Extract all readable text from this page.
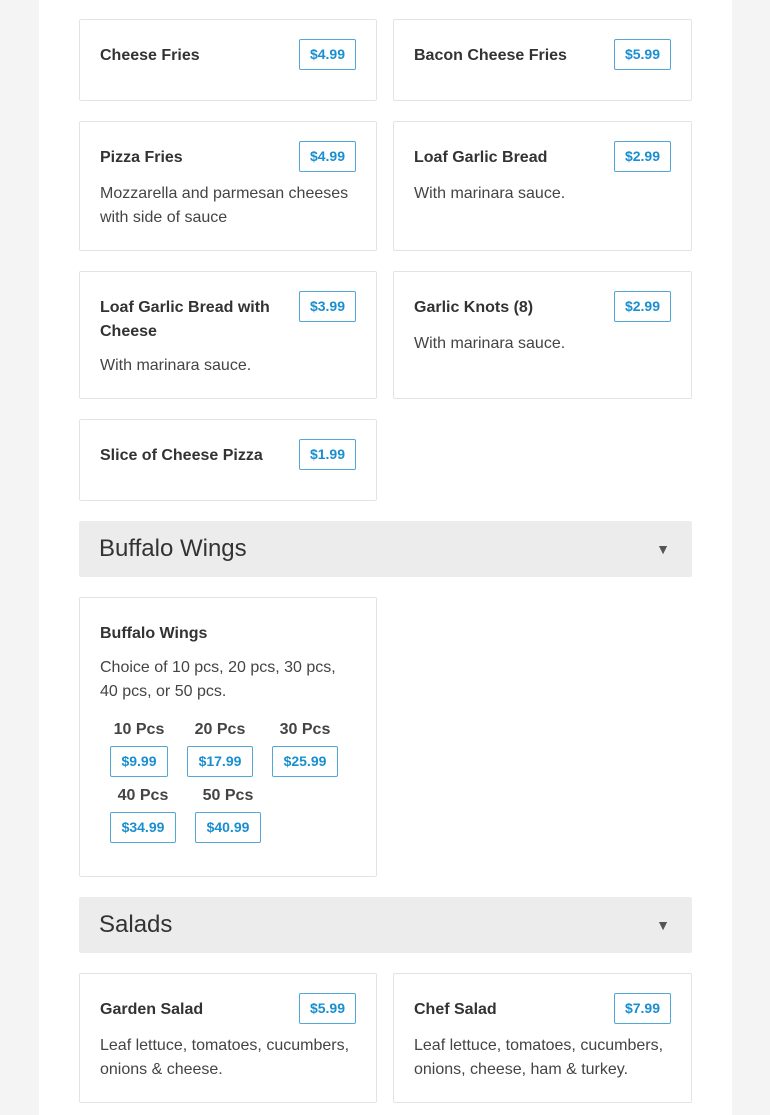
Cheese Fries	$4.99	Bacon Cheese Fries	$5.99
Pizza Fries	$4.99
Mozzarella and parmesan cheeses with side of sauce
Loaf Garlic Bread	$2.99
With marinara sauce.
Loaf Garlic Bread with Cheese
$3.99
With marinara sauce.
Garlic Knots (8)	$2.99
With marinara sauce.
Slice of Cheese Pizza	$1.99
Buffalo Wings	▼
Buffalo Wings
Choice of 10 pcs, 20 pcs, 30 pcs, 40 pcs, or 50 pcs.
10 Pcs
$9.99
20 Pcs
$17.99
30 Pcs
$25.99
40 Pcs
$34.99
50 Pcs
$40.99
Salads	▼
Garden Salad	$5.99
Leaf lettuce, tomatoes, cucumbers, onions & cheese.
Chef Salad	$7.99
Leaf lettuce, tomatoes, cucumbers, onions, cheese, ham & turkey.
